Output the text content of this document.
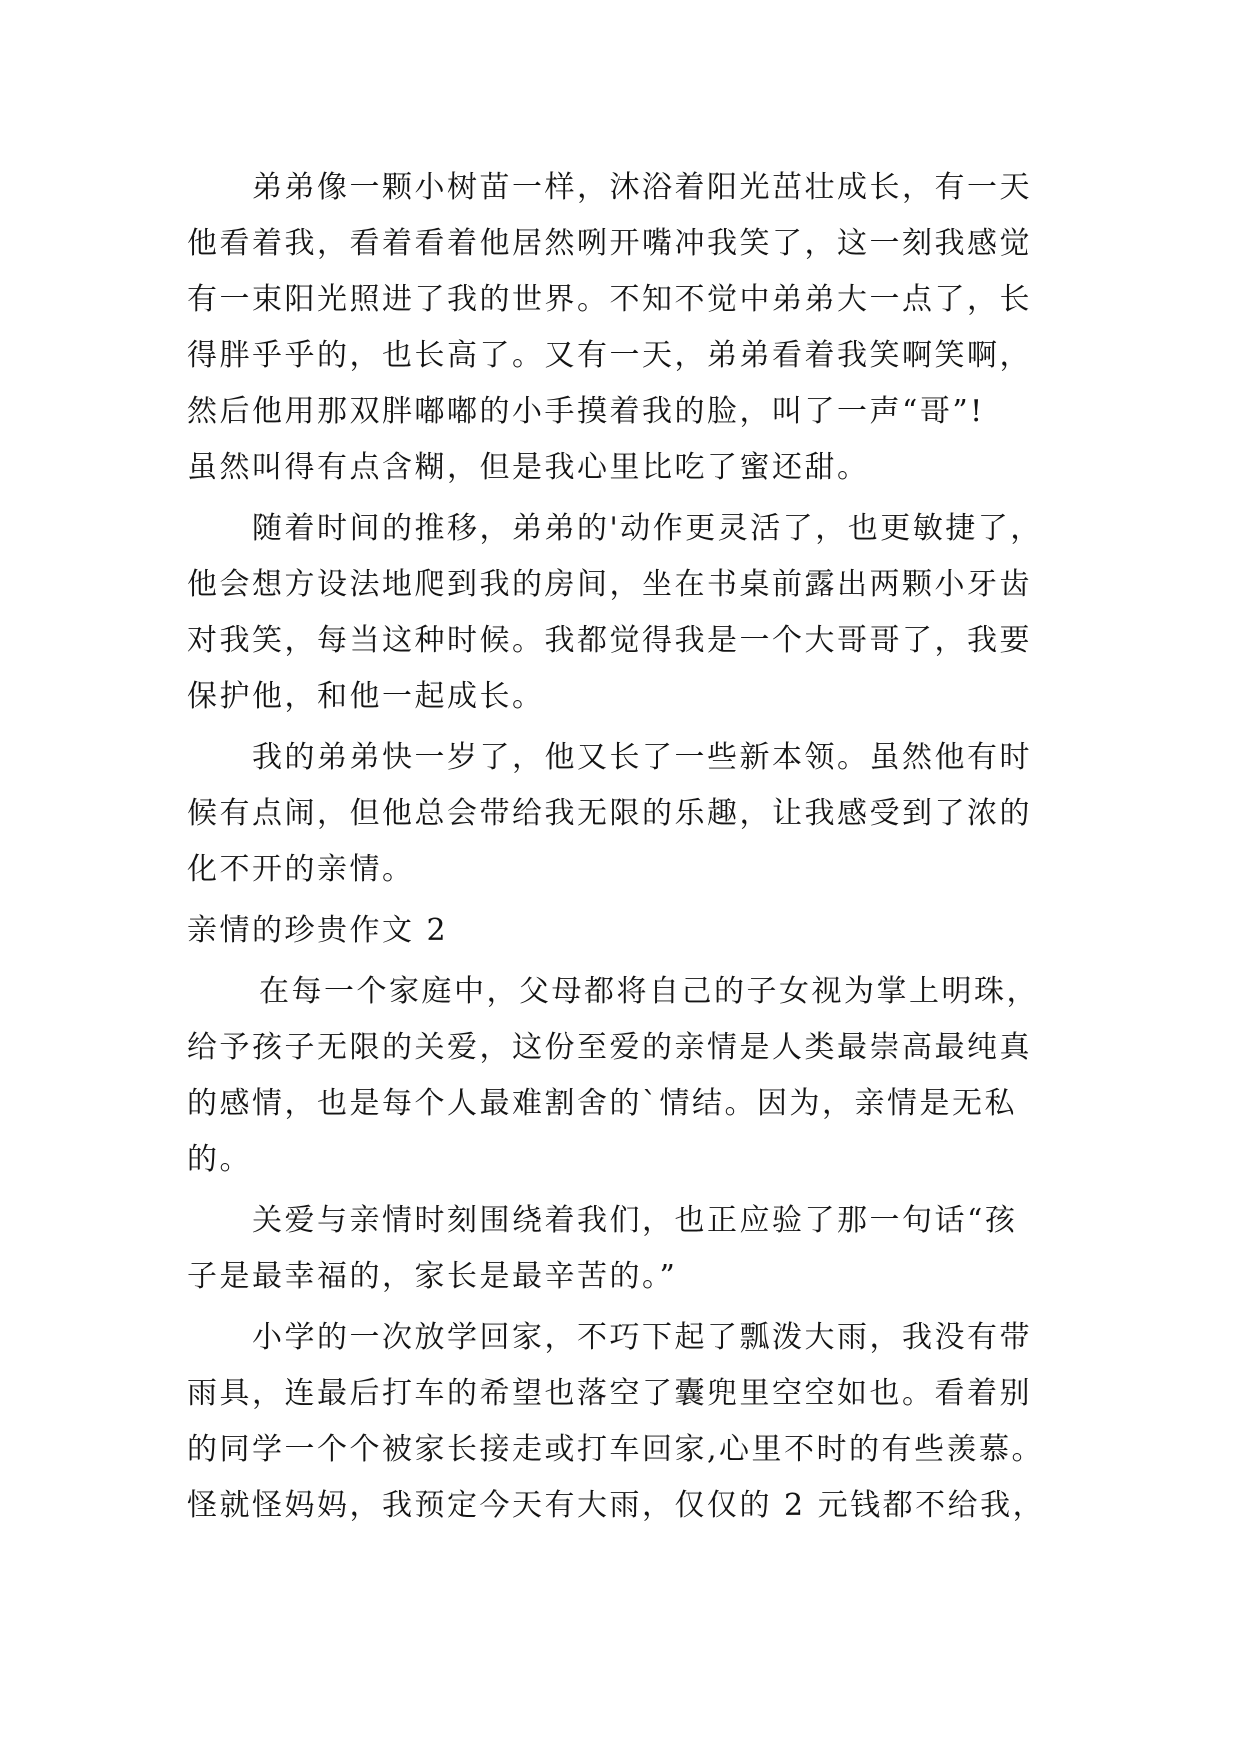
弟弟像一颗小树苗一样，沐浴着阳光茁壮成长，有一天
他看着我，看着看着他居然咧开嘴冲我笑了，这一刻我感觉
有一束阳光照进了我的世界。不知不觉中弟弟大一点了，长
得胖乎乎的，也长高了。又有一天，弟弟看着我笑啊笑啊，
然后他用那双胖嘟嘟的小手摸着我的脸，叫了一声“哥”!
虽然叫得有点含糊，但是我心里比吃了蜜还甜。
随着时间的推移，弟弟的'动作更灵活了，也更敏捷了，
他会想方设法地爬到我的房间，坐在书桌前露出两颗小牙齿
对我笑，每当这种时候。我都觉得我是一个大哥哥了，我要
保护他，和他一起成长。
我的弟弟快一岁了，他又长了一些新本领。虽然他有时
候有点闹，但他总会带给我无限的乐趣，让我感受到了浓的
化不开的亲情。
亲情的珍贵作文 2
在每一个家庭中，父母都将自己的子女视为掌上明珠，
给予孩子无限的关爱，这份至爱的亲情是人类最崇高最纯真
的感情，也是每个人最难割舍的`情结。因为，亲情是无私
的。
关爱与亲情时刻围绕着我们，也正应验了那一句话“孩
子是最幸福的，家长是最辛苦的。”
小学的一次放学回家，不巧下起了瓢泼大雨，我没有带
雨具，连最后打车的希望也落空了囊兜里空空如也。看着别
的同学一个个被家长接走或打车回家,心里不时的有些羡慕。
怪就怪妈妈，我预定今天有大雨，仅仅的 2 元钱都不给我，
